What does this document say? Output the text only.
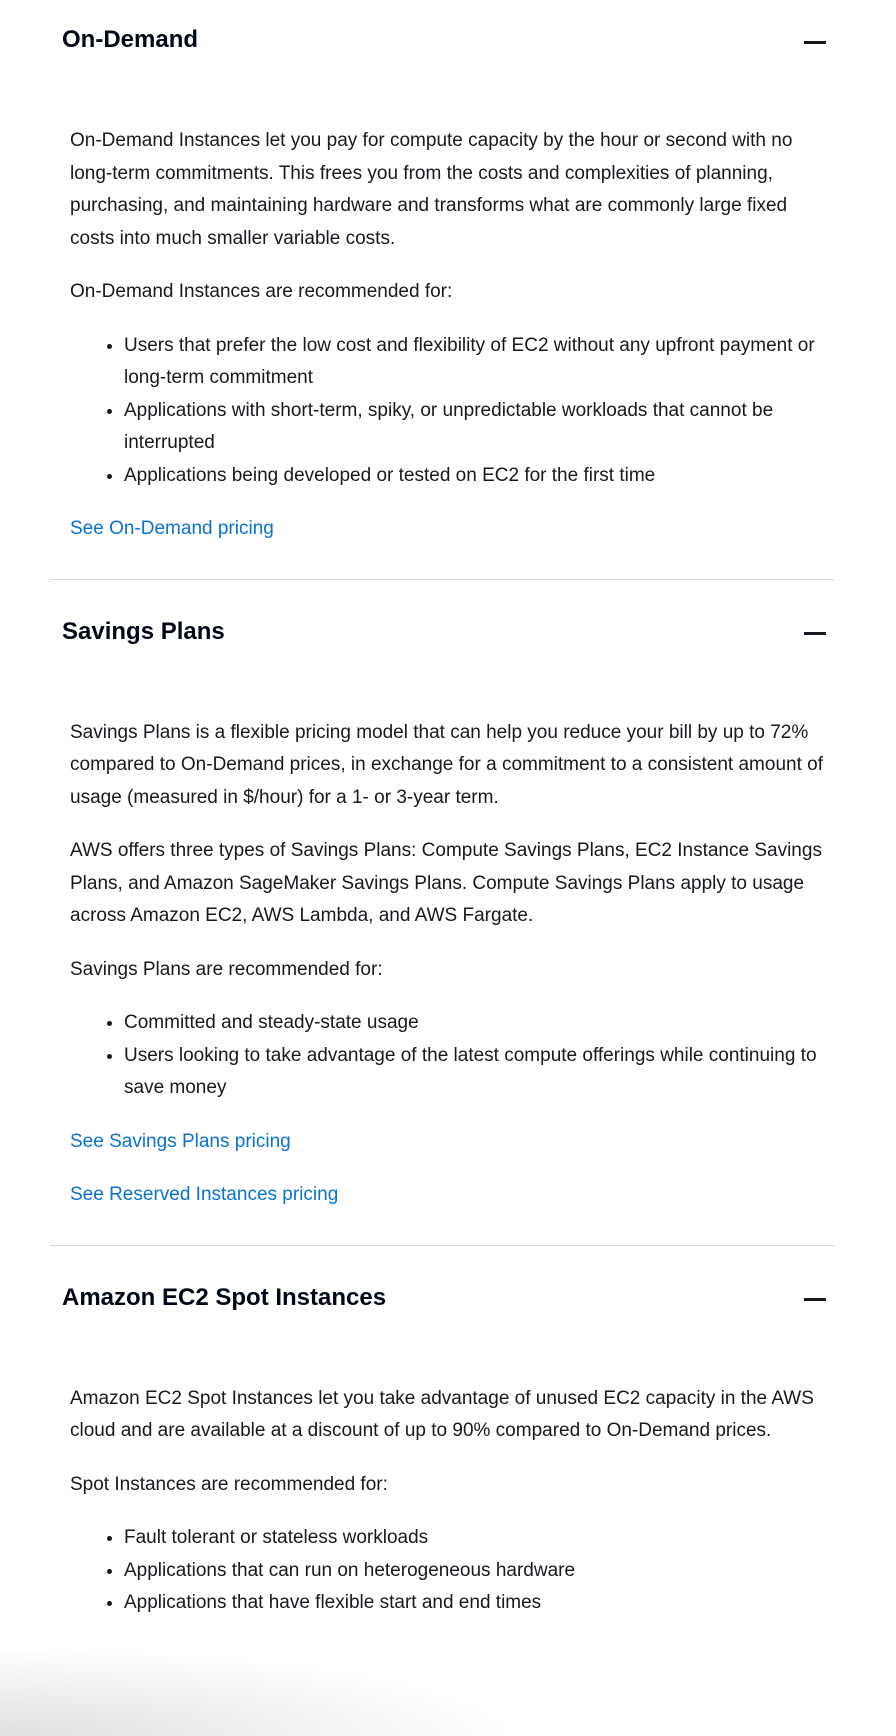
On-Demand

On-Demand Instances let you pay for compute capacity by the hour or second with no long-term commitments. This frees you from the costs and complexities of planning, purchasing, and maintaining hardware and transforms what are commonly large fixed costs into much smaller variable costs.

On-Demand Instances are recommended for:

• Users that prefer the low cost and flexibility of EC2 without any upfront payment or long-term commitment
• Applications with short-term, spiky, or unpredictable workloads that cannot be interrupted
• Applications being developed or tested on EC2 for the first time
See On-Demand pricing
Savings Plans

Savings Plans is a flexible pricing model that can help you reduce your bill by up to 72% compared to On-Demand prices, in exchange for a commitment to a consistent amount of usage (measured in $/hour) for a 1- or 3-year term.

AWS offers three types of Savings Plans: Compute Savings Plans, EC2 Instance Savings Plans, and Amazon SageMaker Savings Plans. Compute Savings Plans apply to usage across Amazon EC2, AWS Lambda, and AWS Fargate.

Savings Plans are recommended for:

• Committed and steady-state usage
• Users looking to take advantage of the latest compute offerings while continuing to save money
See Savings Plans pricing
See Reserved Instances pricing
Amazon EC2 Spot Instances

Amazon EC2 Spot Instances let you take advantage of unused EC2 capacity in the AWS cloud and are available at a discount of up to 90% compared to On-Demand prices.

Spot Instances are recommended for:

• Fault tolerant or stateless workloads
• Applications that can run on heterogeneous hardware
• Applications that have flexible start and end times
